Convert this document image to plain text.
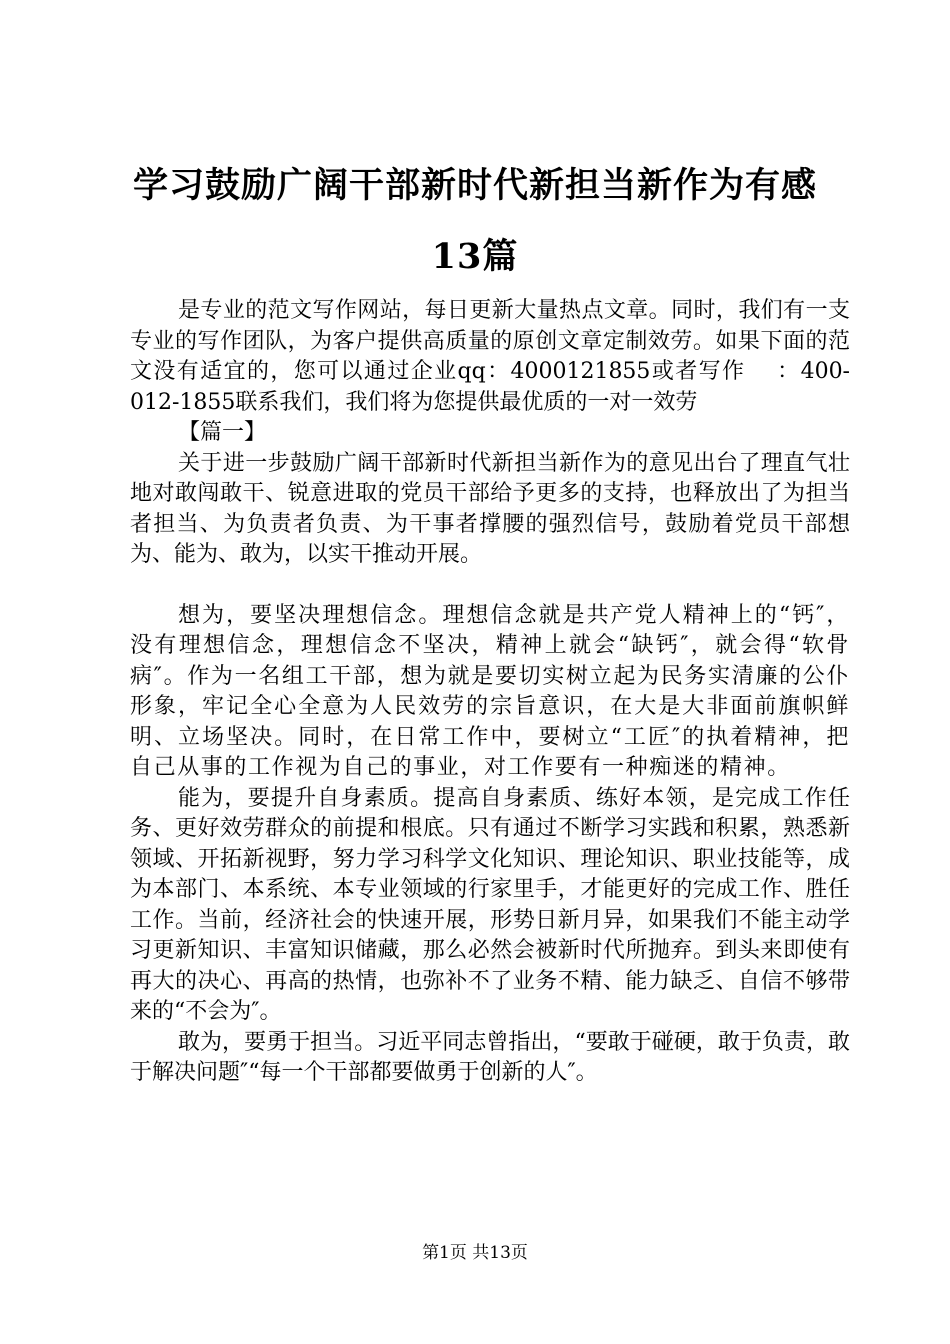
学习鼓励广阔干部新时代新担当新作为有感
13篇

是专业的范文写作网站，每日更新大量热点文章。同时，我们有一支专业的写作团队，为客户提供高质量的原创文章定制效劳。如果下面的范文没有适宜的，您可以通过企业qq：4000121855或者写作　 ：400-012-1855联系我们，我们将为您提供最优质的一对一效劳

【篇一】

关于进一步鼓励广阔干部新时代新担当新作为的意见出台了理直气壮地对敢闯敢干、锐意进取的党员干部给予更多的支持，也释放出了为担当者担当、为负责者负责、为干事者撑腰的强烈信号，鼓励着党员干部想为、能为、敢为，以实干推动开展。

想为，要坚决理想信念。理想信念就是共产党人精神上的“钙″，没有理想信念，理想信念不坚决，精神上就会“缺钙″，就会得“软骨病″。作为一名组工干部，想为就是要切实树立起为民务实清廉的公仆形象，牢记全心全意为人民效劳的宗旨意识，在大是大非面前旗帜鲜明、立场坚决。同时，在日常工作中，要树立“工匠″的执着精神，把自己从事的工作视为自己的事业，对工作要有一种痴迷的精神。

能为，要提升自身素质。提高自身素质、练好本领，是完成工作任务、更好效劳群众的前提和根底。只有通过不断学习实践和积累，熟悉新领域、开拓新视野，努力学习科学文化知识、理论知识、职业技能等，成为本部门、本系统、本专业领域的行家里手，才能更好的完成工作、胜任工作。当前，经济社会的快速开展，形势日新月异，如果我们不能主动学习更新知识、丰富知识储藏，那么必然会被新时代所抛弃。到头来即使有再大的决心、再高的热情，也弥补不了业务不精、能力缺乏、自信不够带来的“不会为″。

敢为，要勇于担当。习近平同志曾指出，“要敢于碰硬，敢于负责，敢于解决问题″“每一个干部都要做勇于创新的人″。

第1页 共13页
